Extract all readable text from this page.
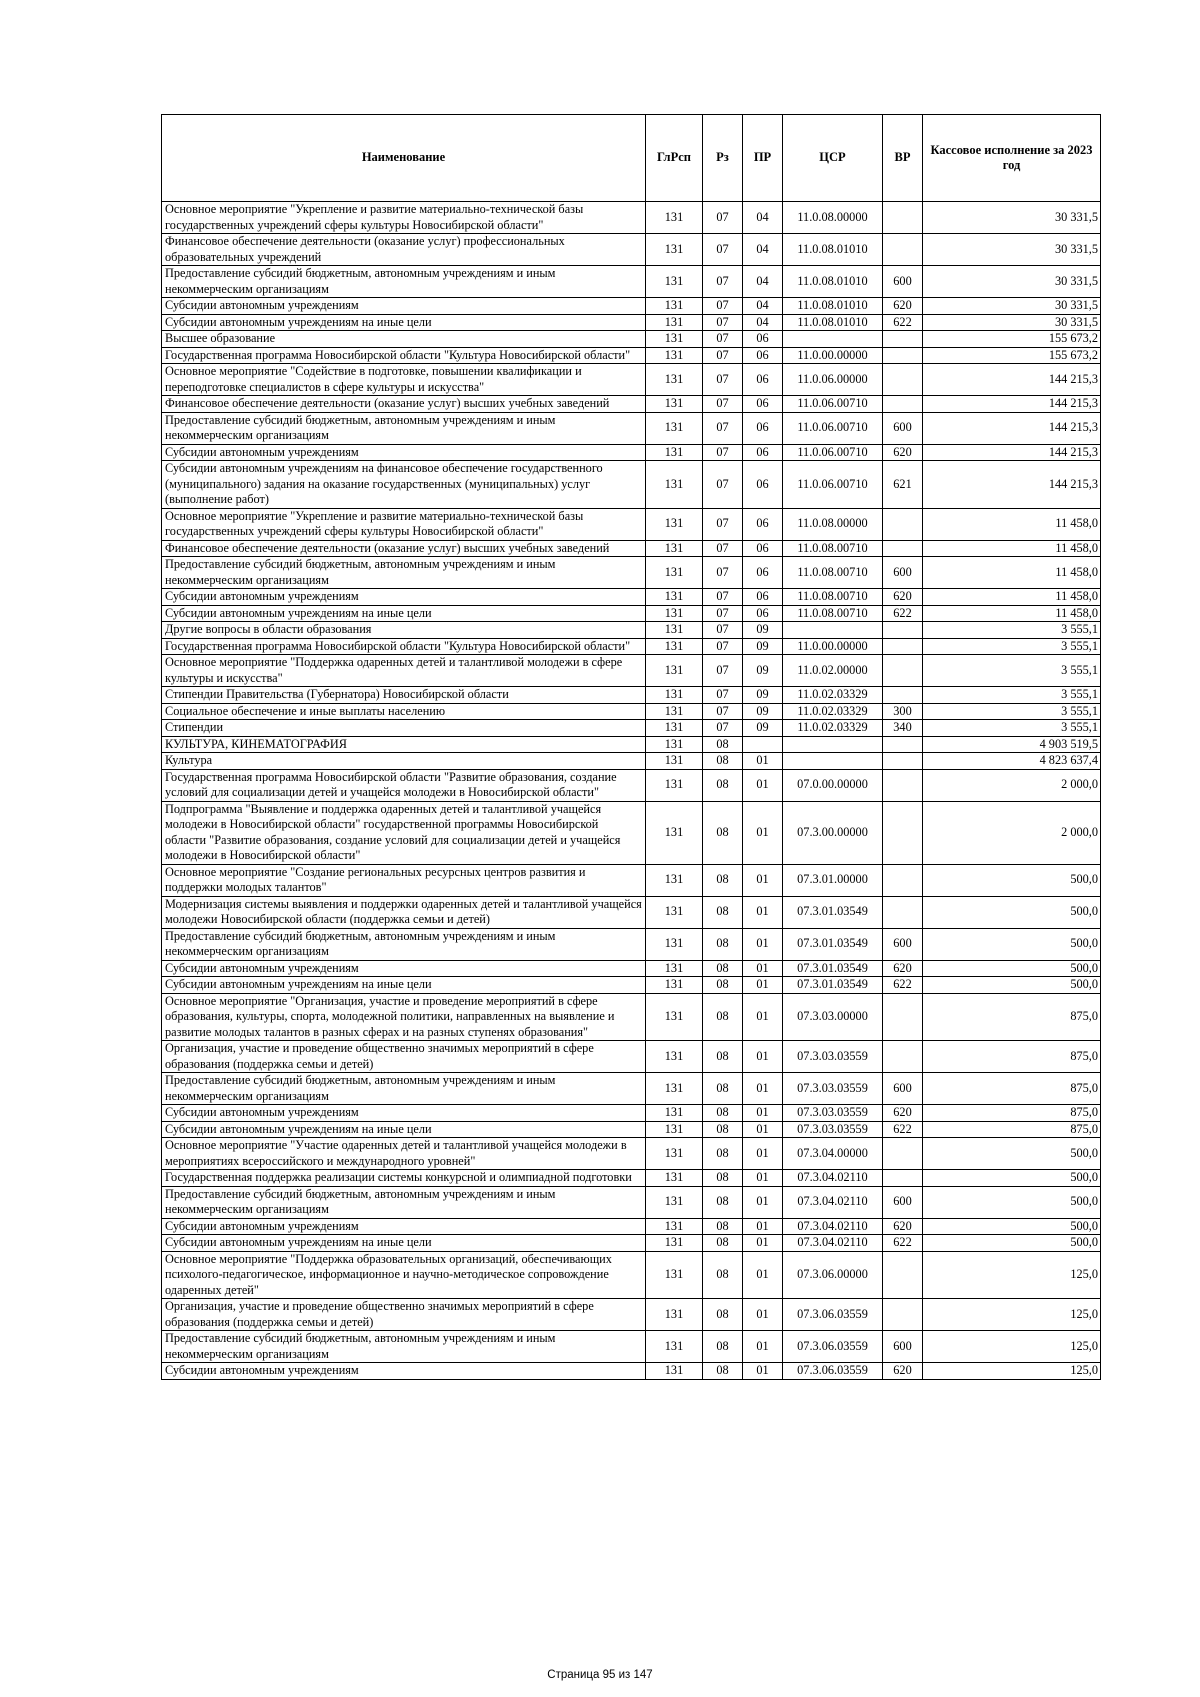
Наименование	ГлРсп	Рз	ПР	ЦСР	ВР	Кассовое исполнение за 2023 год
Основное мероприятие "Укрепление и развитие материально-технической базы государственных учреждений сферы культуры Новосибирской области"	131	07	04	11.0.08.00000		30 331,5
Финансовое обеспечение деятельности (оказание услуг) профессиональных образовательных учреждений	131	07	04	11.0.08.01010		30 331,5
Предоставление субсидий бюджетным, автономным учреждениям и иным некоммерческим организациям	131	07	04	11.0.08.01010	600	30 331,5
Субсидии автономным учреждениям	131	07	04	11.0.08.01010	620	30 331,5
Субсидии автономным учреждениям на иные цели	131	07	04	11.0.08.01010	622	30 331,5
Высшее образование	131	07	06			155 673,2
Государственная программа Новосибирской области "Культура Новосибирской области"	131	07	06	11.0.00.00000		155 673,2
Основное мероприятие "Содействие в подготовке, повышении квалификации и переподготовке специалистов в сфере культуры и искусства"	131	07	06	11.0.06.00000		144 215,3
Финансовое обеспечение деятельности (оказание услуг) высших учебных заведений	131	07	06	11.0.06.00710		144 215,3
Предоставление субсидий бюджетным, автономным учреждениям и иным некоммерческим организациям	131	07	06	11.0.06.00710	600	144 215,3
Субсидии автономным учреждениям	131	07	06	11.0.06.00710	620	144 215,3
Субсидии автономным учреждениям на финансовое обеспечение государственного (муниципального) задания на оказание государственных (муниципальных) услуг (выполнение работ)	131	07	06	11.0.06.00710	621	144 215,3
Основное мероприятие "Укрепление и развитие материально-технической базы государственных учреждений сферы культуры Новосибирской области"	131	07	06	11.0.08.00000		11 458,0
Финансовое обеспечение деятельности (оказание услуг) высших учебных заведений	131	07	06	11.0.08.00710		11 458,0
Предоставление субсидий бюджетным, автономным учреждениям и иным некоммерческим организациям	131	07	06	11.0.08.00710	600	11 458,0
Субсидии автономным учреждениям	131	07	06	11.0.08.00710	620	11 458,0
Субсидии автономным учреждениям на иные цели	131	07	06	11.0.08.00710	622	11 458,0
Другие вопросы в области образования	131	07	09			3 555,1
Государственная программа Новосибирской области "Культура Новосибирской области"	131	07	09	11.0.00.00000		3 555,1
Основное мероприятие "Поддержка одаренных детей и талантливой молодежи в сфере культуры и искусства"	131	07	09	11.0.02.00000		3 555,1
Стипендии Правительства (Губернатора) Новосибирской области	131	07	09	11.0.02.03329		3 555,1
Социальное обеспечение и иные выплаты населению	131	07	09	11.0.02.03329	300	3 555,1
Стипендии	131	07	09	11.0.02.03329	340	3 555,1
КУЛЬТУРА, КИНЕМАТОГРАФИЯ	131	08				4 903 519,5
Культура	131	08	01			4 823 637,4
Государственная программа Новосибирской области "Развитие образования, создание условий для социализации детей и учащейся молодежи в Новосибирской области"	131	08	01	07.0.00.00000		2 000,0
Подпрограмма "Выявление и поддержка одаренных детей и талантливой учащейся молодежи в Новосибирской области" государственной программы Новосибирской области "Развитие образования, создание условий для социализации детей и учащейся молодежи в Новосибирской области"	131	08	01	07.3.00.00000		2 000,0
Основное мероприятие "Создание региональных ресурсных центров развития и поддержки молодых талантов"	131	08	01	07.3.01.00000		500,0
Модернизация системы выявления и поддержки одаренных детей и талантливой учащейся молодежи Новосибирской области (поддержка семьи и детей)	131	08	01	07.3.01.03549		500,0
Предоставление субсидий бюджетным, автономным учреждениям и иным некоммерческим организациям	131	08	01	07.3.01.03549	600	500,0
Субсидии автономным учреждениям	131	08	01	07.3.01.03549	620	500,0
Субсидии автономным учреждениям на иные цели	131	08	01	07.3.01.03549	622	500,0
Основное мероприятие "Организация, участие и проведение мероприятий в сфере образования, культуры, спорта, молодежной политики, направленных на выявление и развитие молодых талантов в разных сферах и на разных ступенях образования"	131	08	01	07.3.03.00000		875,0
Организация, участие и проведение общественно значимых мероприятий в сфере образования (поддержка семьи и детей)	131	08	01	07.3.03.03559		875,0
Предоставление субсидий бюджетным, автономным учреждениям и иным некоммерческим организациям	131	08	01	07.3.03.03559	600	875,0
Субсидии автономным учреждениям	131	08	01	07.3.03.03559	620	875,0
Субсидии автономным учреждениям на иные цели	131	08	01	07.3.03.03559	622	875,0
Основное мероприятие "Участие одаренных детей и талантливой учащейся молодежи в мероприятиях всероссийского и международного уровней"	131	08	01	07.3.04.00000		500,0
Государственная поддержка реализации системы конкурсной и олимпиадной подготовки	131	08	01	07.3.04.02110		500,0
Предоставление субсидий бюджетным, автономным учреждениям и иным некоммерческим организациям	131	08	01	07.3.04.02110	600	500,0
Субсидии автономным учреждениям	131	08	01	07.3.04.02110	620	500,0
Субсидии автономным учреждениям на иные цели	131	08	01	07.3.04.02110	622	500,0
Основное мероприятие "Поддержка образовательных организаций, обеспечивающих психолого-педагогическое, информационное и научно-методическое сопровождение одаренных детей"	131	08	01	07.3.06.00000		125,0
Организация, участие и проведение общественно значимых мероприятий в сфере образования (поддержка семьи и детей)	131	08	01	07.3.06.03559		125,0
Предоставление субсидий бюджетным, автономным учреждениям и иным некоммерческим организациям	131	08	01	07.3.06.03559	600	125,0
Субсидии автономным учреждениям	131	08	01	07.3.06.03559	620	125,0
Страница 95 из 147
